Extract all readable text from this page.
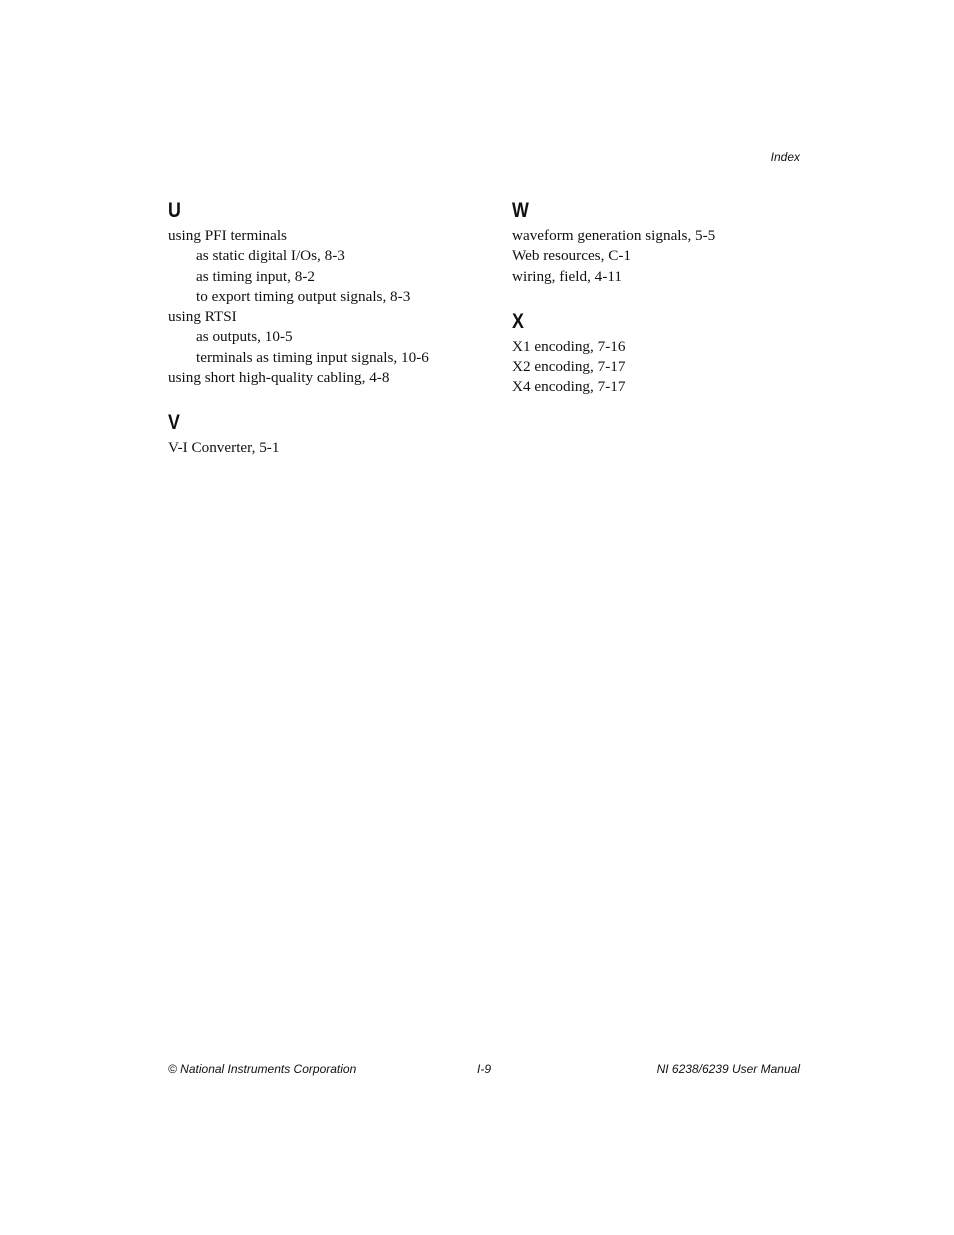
Index
U
using PFI terminals
as static digital I/Os, 8-3
as timing input, 8-2
to export timing output signals, 8-3
using RTSI
as outputs, 10-5
terminals as timing input signals, 10-6
using short high-quality cabling, 4-8
V
V-I Converter, 5-1
W
waveform generation signals, 5-5
Web resources, C-1
wiring, field, 4-11
X
X1 encoding, 7-16
X2 encoding, 7-17
X4 encoding, 7-17
© National Instruments Corporation	I-9	NI 6238/6239 User Manual
